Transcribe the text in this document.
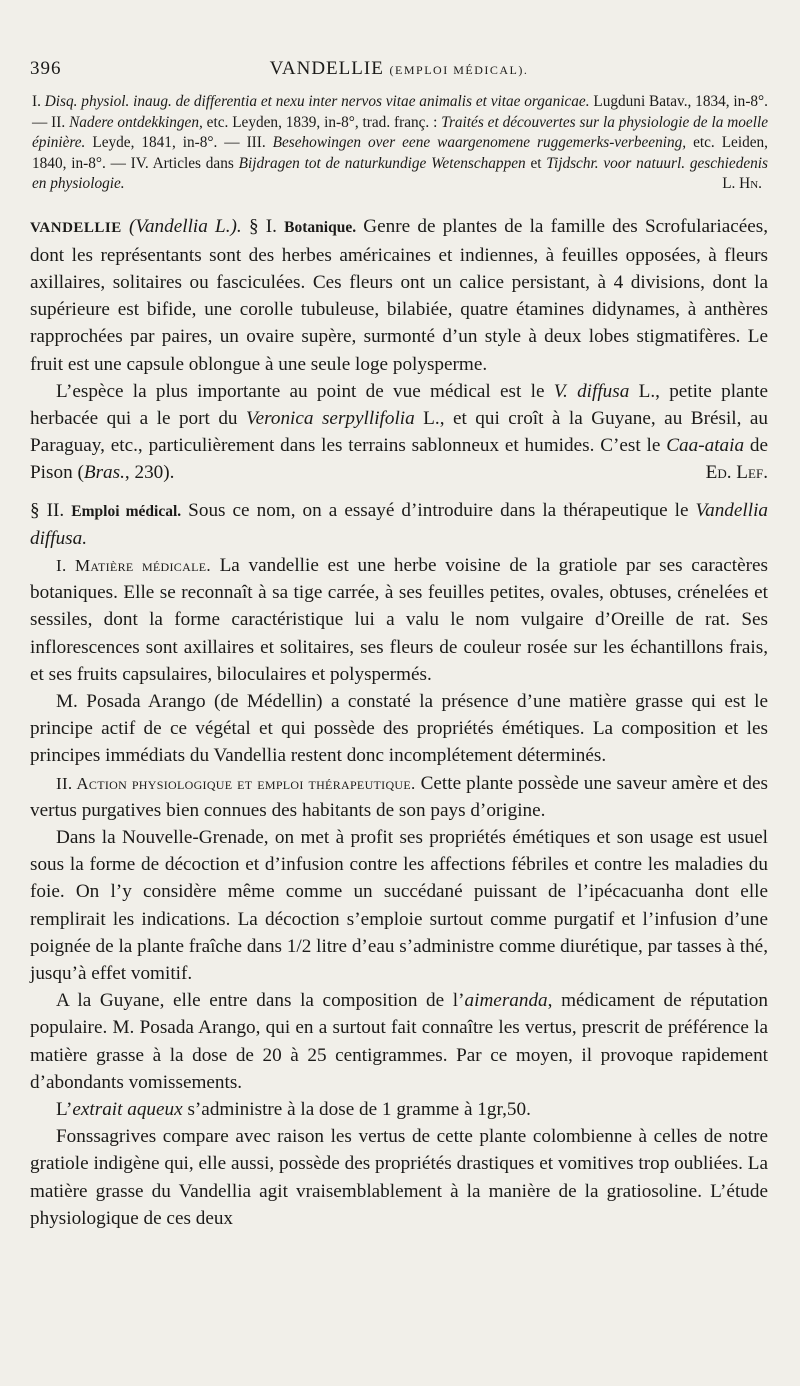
396	VANDELLIE (EMPLOI MÉDICAL).
I. Disq. physiol. inaug. de differentia et nexu inter nervos vitae animalis et vitae organicae. Lugduni Batav., 1834, in-8°. — II. Nadere ontdekkingen, etc. Leyden, 1839, in-8°, trad. franç. : Traités et découvertes sur la physiologie de la moelle épinière. Leyde, 1841, in-8°. — III. Besehowingen over eene waargenomene ruggemerks-verbeening, etc. Leiden, 1840, in-8°. — IV. Articles dans Bijdragen tot de naturkundige Wetenschappen et Tijdschr. voor natuurl. geschiedenis en physiologie.	L. Hn.

VANDELLIE (Vandellia L.). § I. Botanique. Genre de plantes de la famille des Scrofulariacées, dont les représentants sont des herbes américaines et indiennes, à feuilles opposées, à fleurs axillaires, solitaires ou fasciculées. Ces fleurs ont un calice persistant, à 4 divisions, dont la supérieure est bifide, une corolle tubuleuse, bilabiée, quatre étamines didynames, à anthères rapprochées par paires, un ovaire supère, surmonté d’un style à deux lobes stigmatifères. Le fruit est une capsule oblongue à une seule loge polysperme.

L’espèce la plus importante au point de vue médical est le V. diffusa L., petite plante herbacée qui a le port du Veronica serpyllifolia L., et qui croît à la Guyane, au Brésil, au Paraguay, etc., particulièrement dans les terrains sablonneux et humides. C’est le Caa-ataia de Pison (Bras., 230).	Ed. Lef.

§ II. Emploi médical. Sous ce nom, on a essayé d’introduire dans la thérapeutique le Vandellia diffusa.

I. Matière médicale. La vandellie est une herbe voisine de la gratiole par ses caractères botaniques. Elle se reconnaît à sa tige carrée, à ses feuilles petites, ovales, obtuses, crénelées et sessiles, dont la forme caractéristique lui a valu le nom vulgaire d’Oreille de rat. Ses inflorescences sont axillaires et solitaires, ses fleurs de couleur rosée sur les échantillons frais, et ses fruits capsulaires, biloculaires et polyspermés.

M. Posada Arango (de Médellin) a constaté la présence d’une matière grasse qui est le principe actif de ce végétal et qui possède des propriétés émétiques. La composition et les principes immédiats du Vandellia restent donc incomplétement déterminés.

II. Action physiologique et emploi thérapeutique. Cette plante possède une saveur amère et des vertus purgatives bien connues des habitants de son pays d’origine.

Dans la Nouvelle-Grenade, on met à profit ses propriétés émétiques et son usage est usuel sous la forme de décoction et d’infusion contre les affections fébriles et contre les maladies du foie. On l’y considère même comme un succédané puissant de l’ipécacuanha dont elle remplirait les indications. La décoction s’emploie surtout comme purgatif et l’infusion d’une poignée de la plante fraîche dans 1/2 litre d’eau s’administre comme diurétique, par tasses à thé, jusqu’à effet vomitif.

A la Guyane, elle entre dans la composition de l’aimeranda, médicament de réputation populaire. M. Posada Arango, qui en a surtout fait connaître les vertus, prescrit de préférence la matière grasse à la dose de 20 à 25 centigrammes. Par ce moyen, il provoque rapidement d’abondants vomissements.

L’extrait aqueux s’administre à la dose de 1 gramme à 1gr,50.

Fonssagrives compare avec raison les vertus de cette plante colombienne à celles de notre gratiole indigène qui, elle aussi, possède des propriétés drastiques et vomitives trop oubliées. La matière grasse du Vandellia agit vraisemblablement à la manière de la gratiosoline. L’étude physiologique de ces deux
